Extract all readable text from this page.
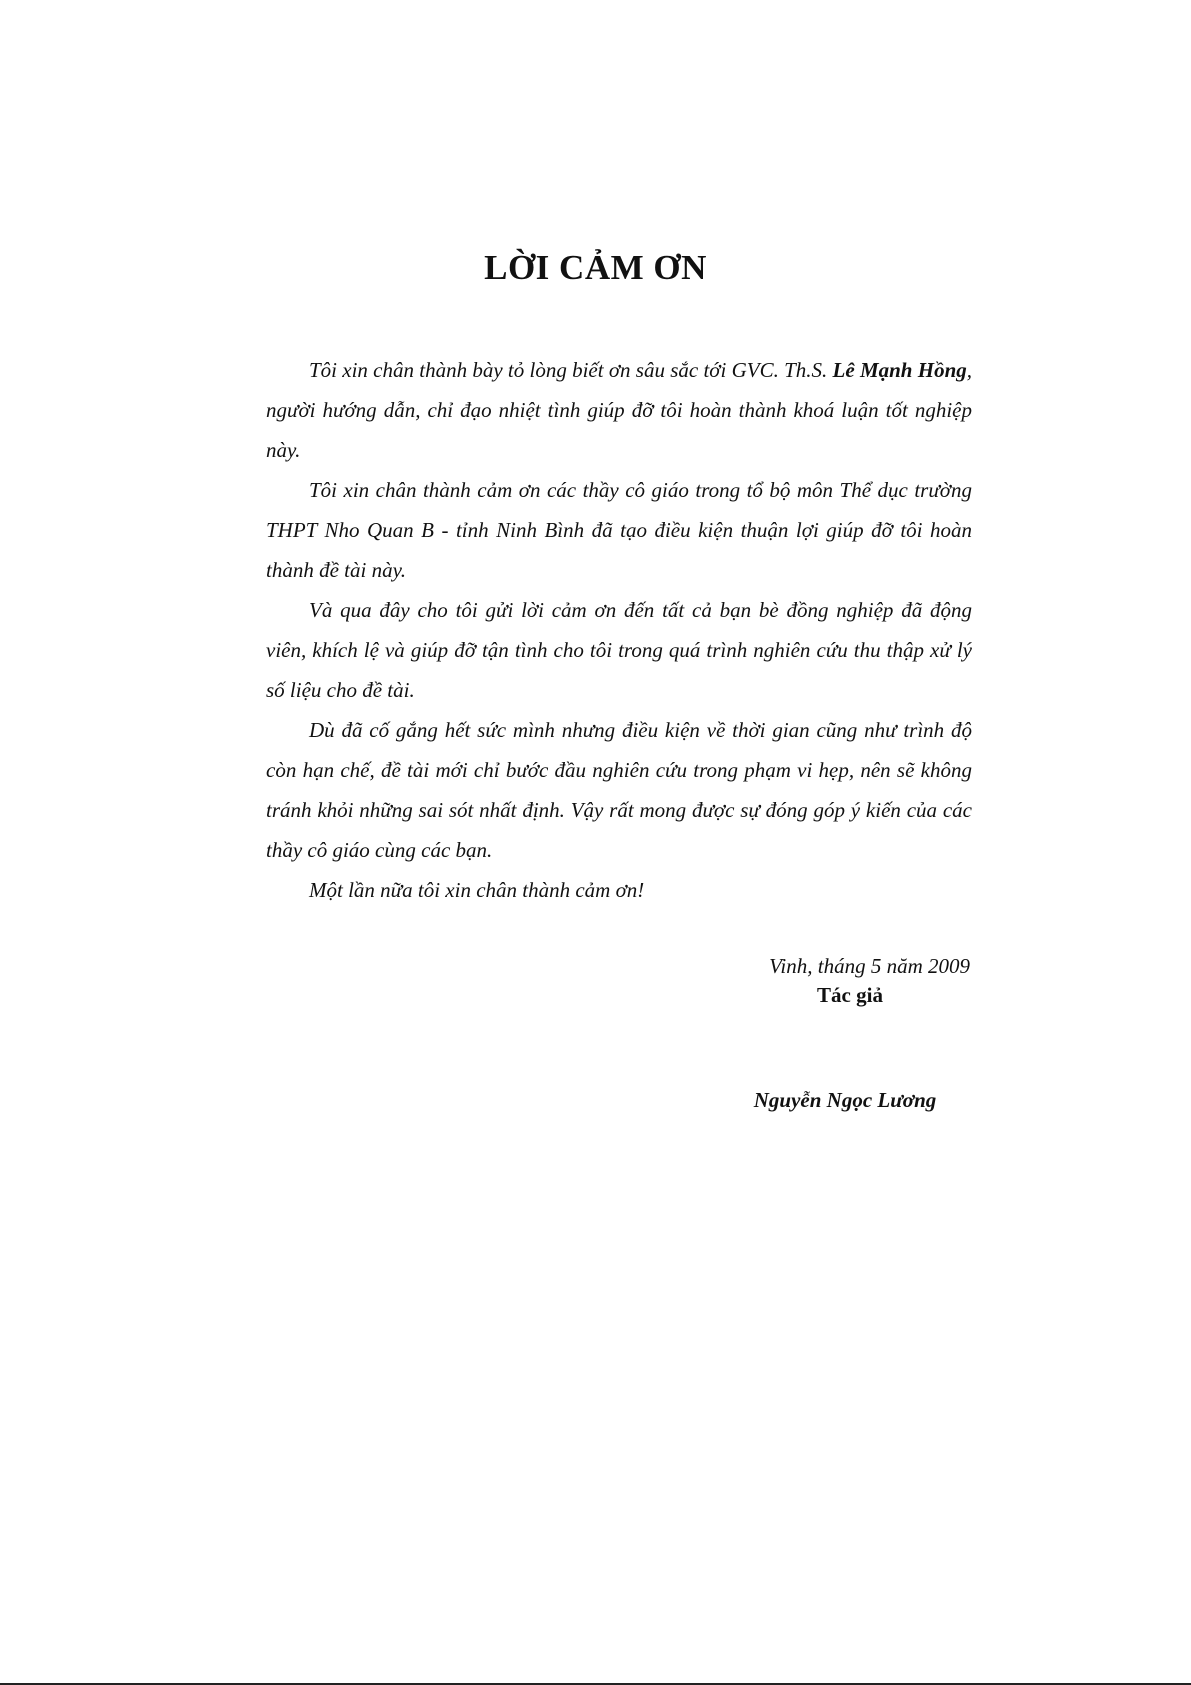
LỜI CẢM ƠN

Tôi xin chân thành bày tỏ lòng biết ơn sâu sắc tới GVC. Th.S. Lê Mạnh Hồng, người hướng dẫn, chỉ đạo nhiệt tình giúp đỡ tôi hoàn thành khoá luận tốt nghiệp này.

Tôi xin chân thành cảm ơn các thầy cô giáo trong tổ bộ môn Thể dục trường THPT Nho Quan B - tỉnh Ninh Bình đã tạo điều kiện thuận lợi giúp đỡ tôi hoàn thành đề tài này.

Và qua đây cho tôi gửi lời cảm ơn đến tất cả bạn bè đồng nghiệp đã động viên, khích lệ và giúp đỡ tận tình cho tôi trong quá trình nghiên cứu thu thập xử lý số liệu cho đề tài.

Dù đã cố gắng hết sức mình nhưng điều kiện về thời gian cũng như trình độ còn hạn chế, đề tài mới chỉ bước đầu nghiên cứu trong phạm vi hẹp, nên sẽ không tránh khỏi những sai sót nhất định. Vậy rất mong được sự đóng góp ý kiến của các thầy cô giáo cùng các bạn.

Một lần nữa tôi xin chân thành cảm ơn!

Vinh, tháng 5 năm 2009
Tác giả
Nguyễn Ngọc Lương
